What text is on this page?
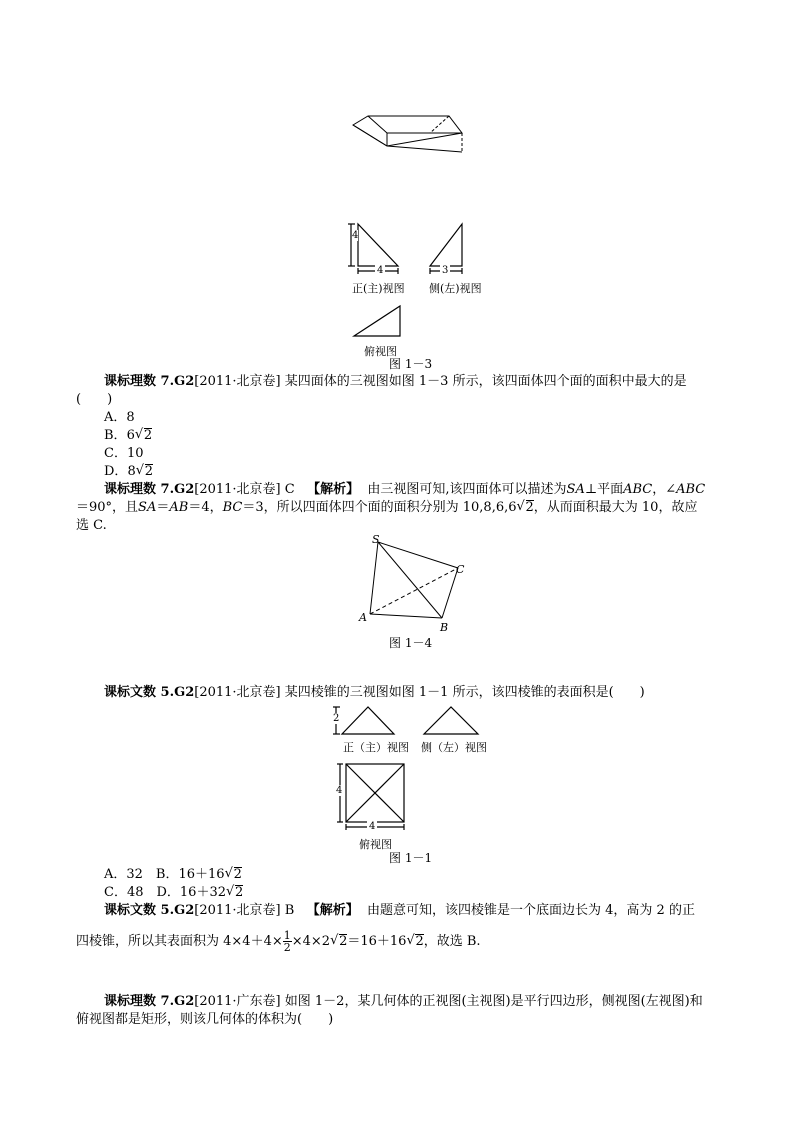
4
4	3
正(主)视图 侧(左)视图
俯视图
图 1－3
课标理数 7.G2[2011·北京卷] 某四面体的三视图如图 1－3 所示，该四面体四个面的面积中最大的是
(　　)
A．8
B．6√ 2
C．10
D．8√ 2
课标理数 7.G2[2011·北京卷] C 【解析】 由三视图可知,该四面体可以描述为SA⊥平面ABC，∠ABC
＝90°，且SA＝AB＝4，BC＝3，所以四面体四个面的面积分别为 10,8,6,6√ 2，从而面积最大为 10，故应
选 C.
S
C
A
B
图 1－4
课标文数 5.G2[2011·北京卷] 某四棱锥的三视图如图 1－1 所示，该四棱锥的表面积是(　　)
2
正（主）视图 侧（左）视图
4
4
俯视图
图 1－1
A．32　B．16＋16√ 2
C．48　D．16＋32√ 2
课标文数 5.G2[2011·北京卷] B 【解析】 由题意可知，该四棱锥是一个底面边长为 4，高为 2 的正
四棱锥，所以其表面积为 $4\times 4+4\times \frac{1}{2} \times 4\times 2√$ 2＝16＋16√ 2，故选 B.
课标理数 7.G2[2011·广东卷] 如图 1－2，某几何体的正视图(主视图)是平行四边形，侧视图(左视图)和
俯视图都是矩形，则该几何体的体积为(　　)
